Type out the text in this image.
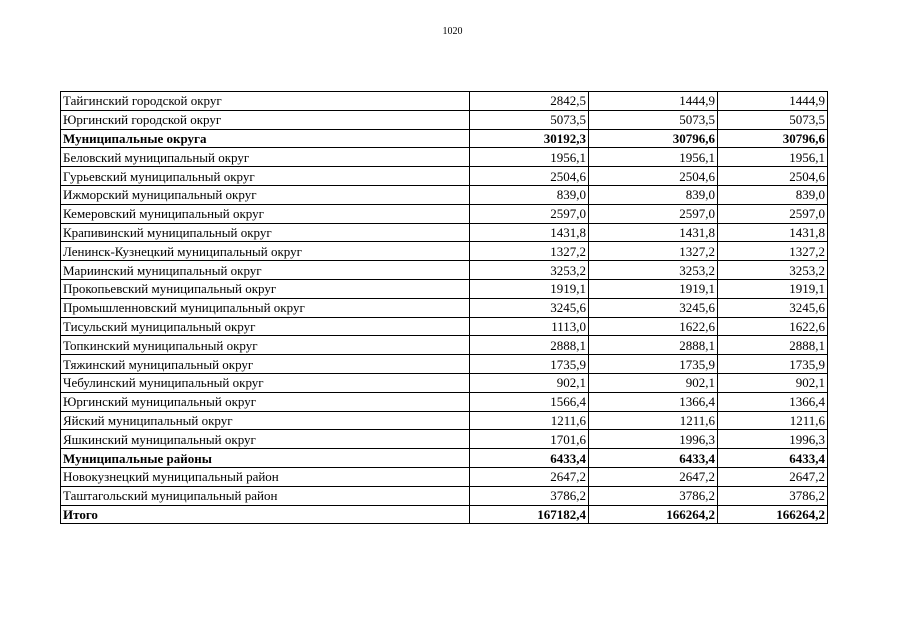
1020
Тайгинский городской округ	2842,5	1444,9	1444,9
Юргинский городской округ	5073,5	5073,5	5073,5
Муниципальные округа	30192,3	30796,6	30796,6
Беловский муниципальный округ	1956,1	1956,1	1956,1
Гурьевский муниципальный округ	2504,6	2504,6	2504,6
Ижморский муниципальный округ	839,0	839,0	839,0
Кемеровский муниципальный округ	2597,0	2597,0	2597,0
Крапивинский муниципальный округ	1431,8	1431,8	1431,8
Ленинск-Кузнецкий муниципальный округ	1327,2	1327,2	1327,2
Мариинский муниципальный округ	3253,2	3253,2	3253,2
Прокопьевский муниципальный округ	1919,1	1919,1	1919,1
Промышленновский муниципальный округ	3245,6	3245,6	3245,6
Тисульский муниципальный округ	1113,0	1622,6	1622,6
Топкинский муниципальный округ	2888,1	2888,1	2888,1
Тяжинский муниципальный округ	1735,9	1735,9	1735,9
Чебулинский муниципальный округ	902,1	902,1	902,1
Юргинский муниципальный округ	1566,4	1366,4	1366,4
Яйский муниципальный округ	1211,6	1211,6	1211,6
Яшкинский муниципальный округ	1701,6	1996,3	1996,3
Муниципальные районы	6433,4	6433,4	6433,4
Новокузнецкий муниципальный район	2647,2	2647,2	2647,2
Таштагольский муниципальный район	3786,2	3786,2	3786,2
Итого	167182,4	166264,2	166264,2
